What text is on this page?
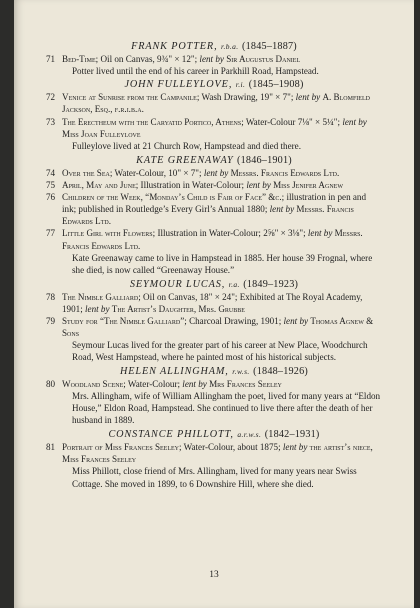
FRANK POTTER, r.b.a. (1845–1887)
71 Bed-Time; Oil on Canvas, 9¾" × 12"; lent by Sir Augustus Daniel
Potter lived until the end of his career in Parkhill Road, Hampstead.
JOHN FULLEYLOVE, r.i. (1845–1908)
72 Venice at Sunrise from the Campanile; Wash Drawing, 19" × 7"; lent by A. Blomfield Jackson, Esq., f.r.i.b.a.
73 The Erectheum with the Caryatid Portico, Athens; Water-Colour 7⅛" × 5¼"; lent by Miss Joan Fulleylove
Fulleylove lived at 21 Church Row, Hampstead and died there.
KATE GREENAWAY (1846–1901)
74 Over the Sea; Water-Colour, 10" × 7"; lent by Messrs. Francis Edwards Ltd.
75 April, May and June; Illustration in Water-Colour; lent by Miss Jenifer Agnew
76 Children of the Week, “Monday’s Child is Fair of Face” &c.; illustration in pen and ink; published in Routledge’s Every Girl’s Annual 1880; lent by Messrs. Francis Edwards Ltd.
77 Little Girl with Flowers; Illustration in Water-Colour; 2⅝" × 3⅛"; lent by Messrs. Francis Edwards Ltd.
Kate Greenaway came to live in Hampstead in 1885. Her house 39 Frognal, where she died, is now called “Greenaway House.”
SEYMOUR LUCAS, r.a. (1849–1923)
78 The Nimble Galliard; Oil on Canvas, 18" × 24"; Exhibited at The Royal Academy, 1901; lent by The Artist’s Daughter, Mrs. Grubbe
79 Study for “The Nimble Galliard”; Charcoal Drawing, 1901; lent by Thomas Agnew & Sons
Seymour Lucas lived for the greater part of his career at New Place, Woodchurch Road, West Hampstead, where he painted most of his historical subjects.
HELEN ALLINGHAM, r.w.s. (1848–1926)
80 Woodland Scene; Water-Colour; lent by Mrs Frances Seeley
Mrs. Allingham, wife of William Allingham the poet, lived for many years at “Eldon House,” Eldon Road, Hampstead. She continued to live there after the death of her husband in 1889.
CONSTANCE PHILLOTT, a.r.w.s. (1842–1931)
81 Portrait of Miss Frances Seeley; Water-Colour, about 1875; lent by the artist’s niece, Miss Frances Seeley
Miss Phillott, close friend of Mrs. Allingham, lived for many years near Swiss Cottage. She moved in 1899, to 6 Downshire Hill, where she died.
13
